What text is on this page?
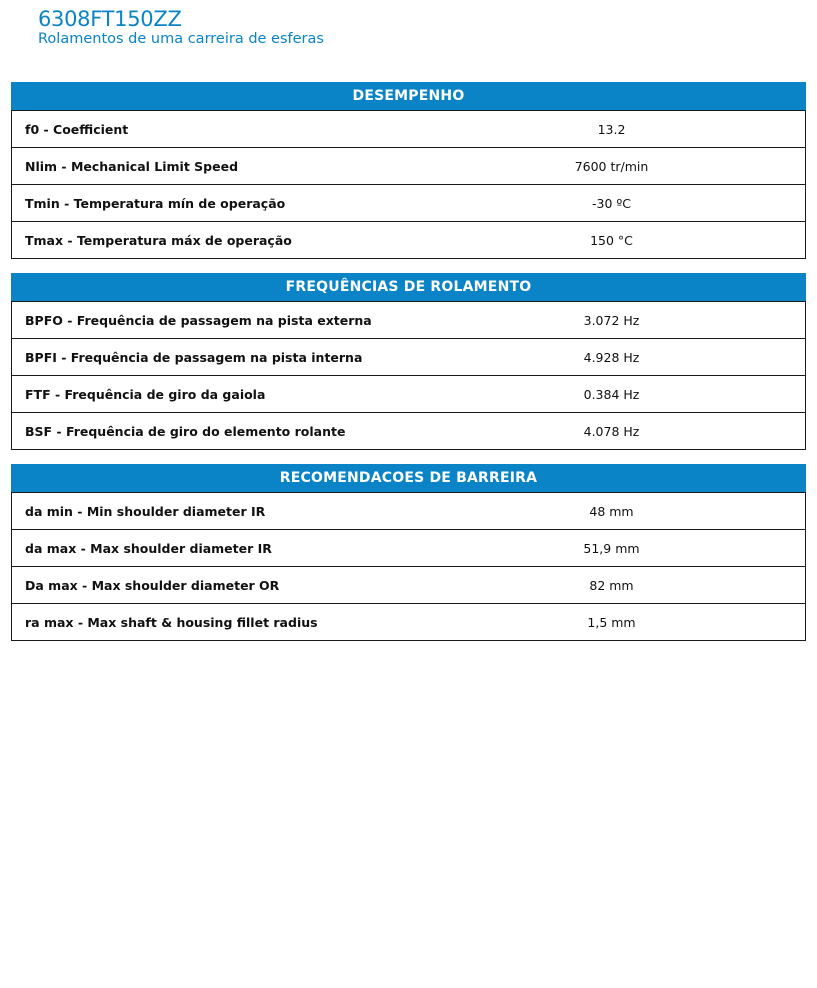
6308FT150ZZ
Rolamentos de uma carreira de esferas
DESEMPENHO
f0 - Coefficient	13.2
Nlim - Mechanical Limit Speed	7600 tr/min
Tmin - Temperatura mín de operação	-30 ºC
Tmax - Temperatura máx de operação	150 °C
FREQUÊNCIAS DE ROLAMENTO
BPFO - Frequência de passagem na pista externa	3.072 Hz
BPFI - Frequência de passagem na pista interna	4.928 Hz
FTF - Frequência de giro da gaiola	0.384 Hz
BSF - Frequência de giro do elemento rolante	4.078 Hz
RECOMENDACOES DE BARREIRA
da min - Min shoulder diameter IR	48 mm
da max - Max shoulder diameter IR	51,9 mm
Da max - Max shoulder diameter OR	82 mm
ra max - Max shaft & housing fillet radius	1,5 mm
